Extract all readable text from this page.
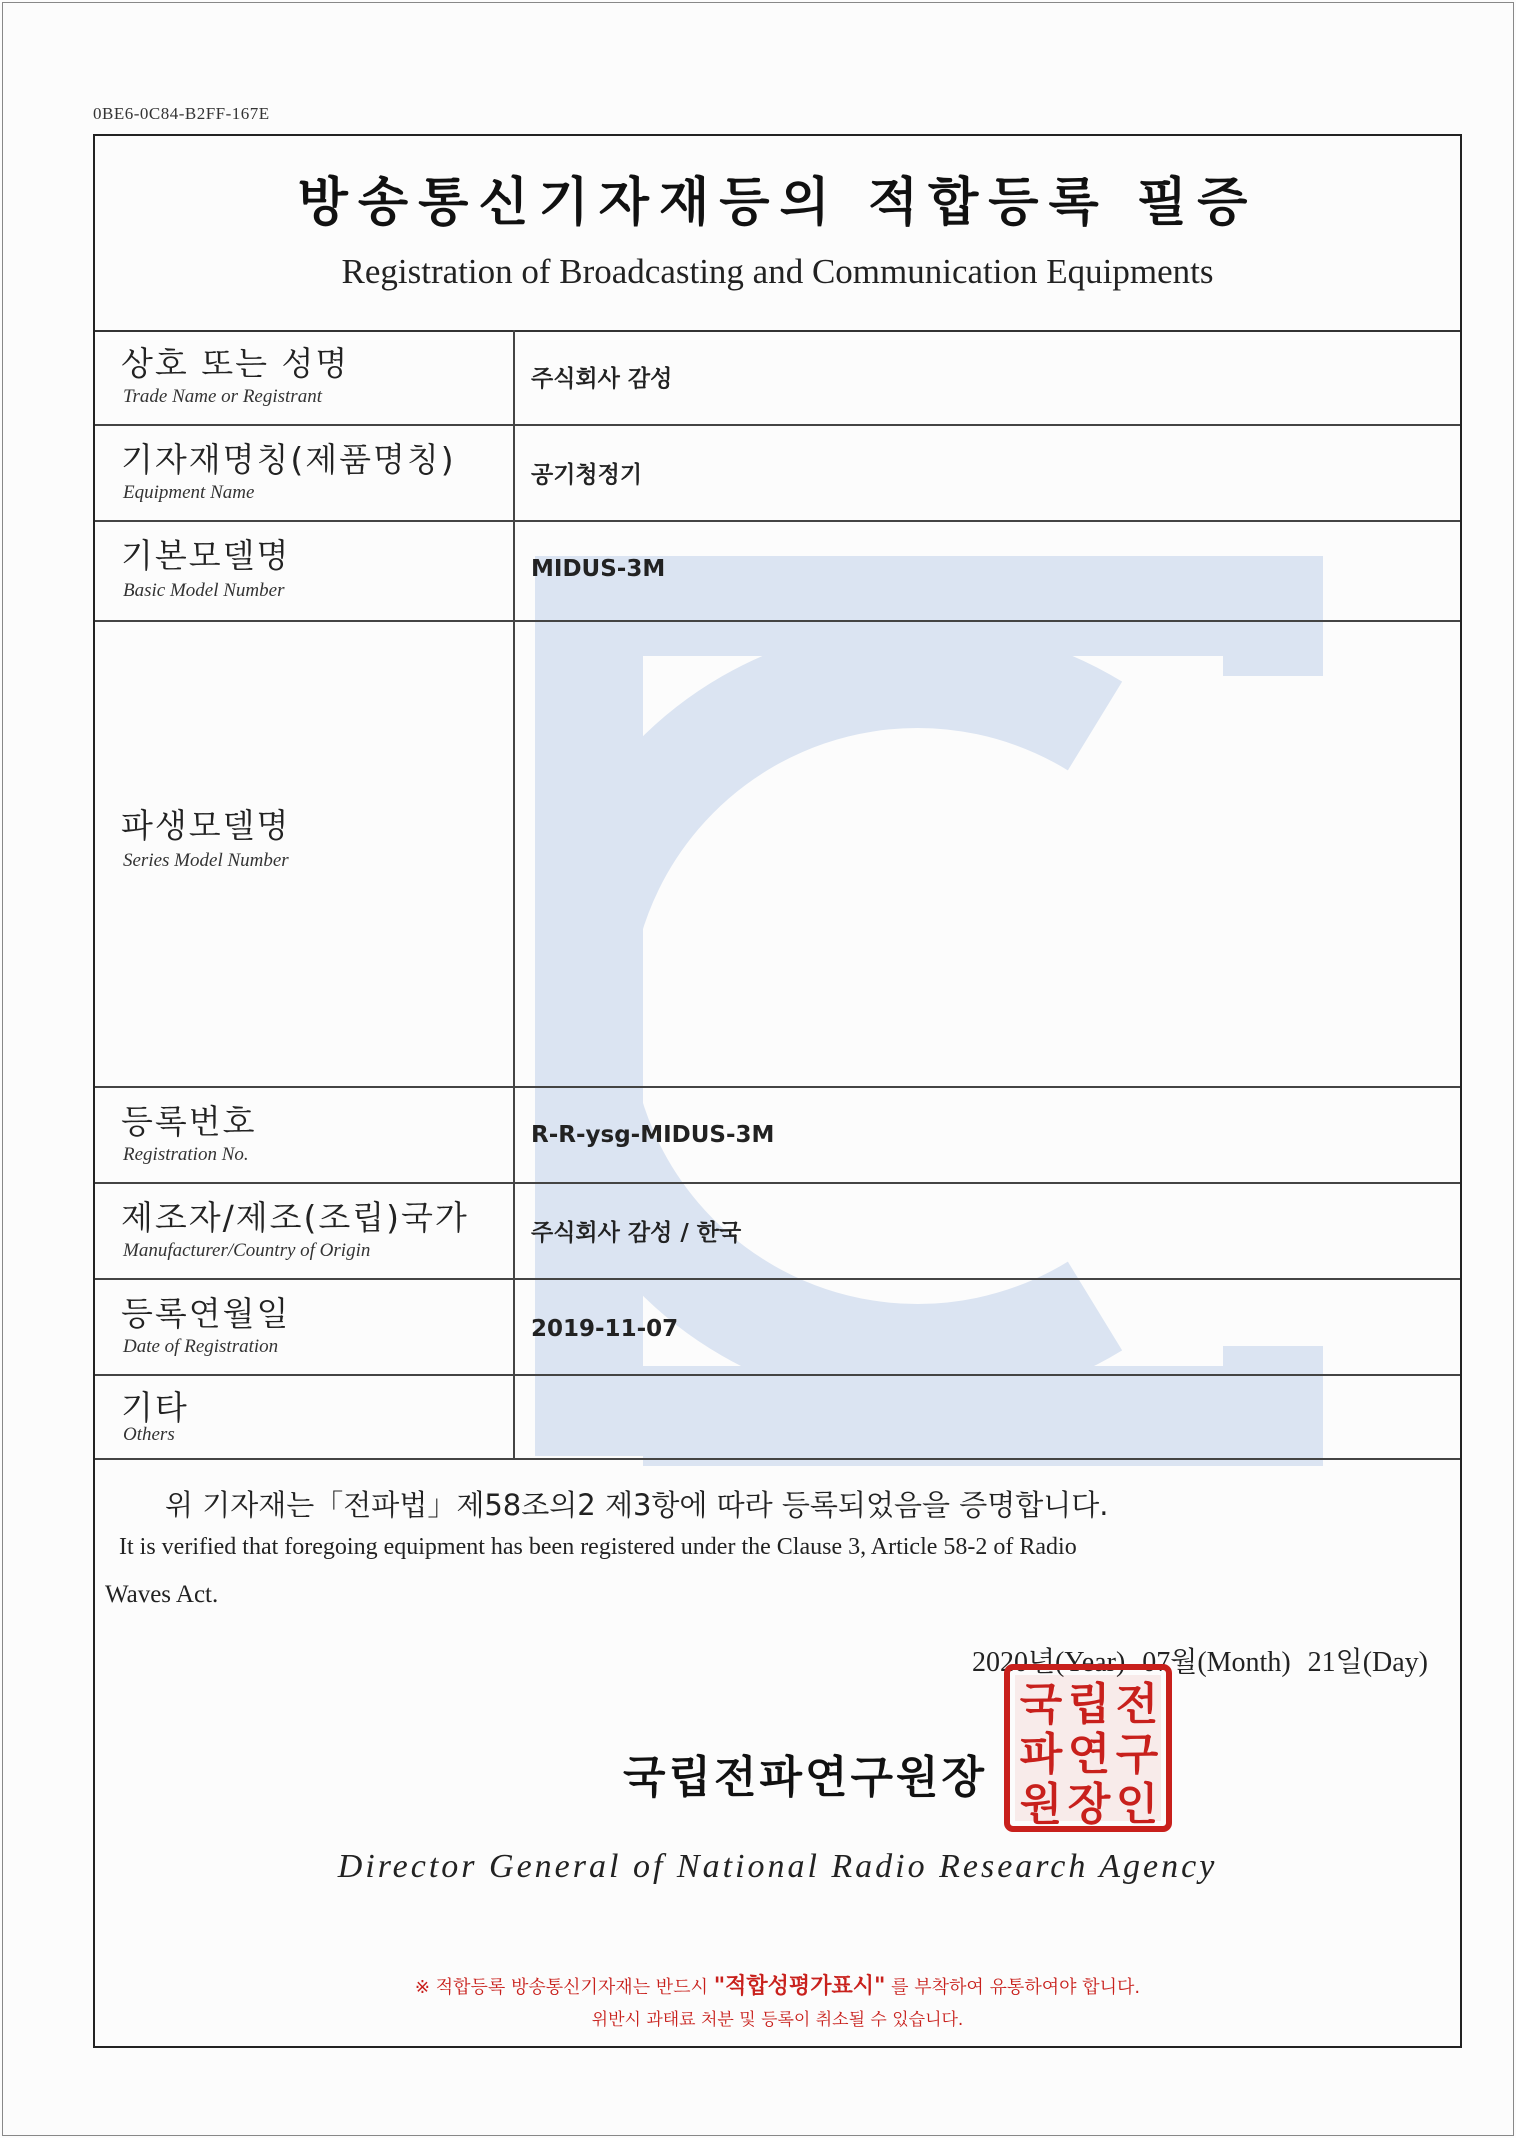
0BE6-0C84-B2FF-167E
방송통신기자재등의 적합등록 필증
Registration of Broadcasting and Communication Equipments
상호 또는 성명
Trade Name or Registrant
주식회사 감성
기자재명칭(제품명칭)
Equipment Name
공기청정기
기본모델명
Basic Model Number
MIDUS-3M
파생모델명
Series Model Number
등록번호
Registration No.
R-R-ysg-MIDUS-3M
제조자/제조(조립)국가
Manufacturer/Country of Origin
주식회사 감성 / 한국
등록연월일
Date of Registration
2019-11-07
기타
Others
위 기자재는「전파법」제58조의2 제3항에 따라 등록되었음을 증명합니다.
It is verified that foregoing equipment has been registered under the Clause 3, Article 58-2 of Radio
Waves Act.
2020년(Year) 07월(Month) 21일(Day)
국립전파연구원장
국 립 전
파 연 구
원 장 인
Director General of National Radio Research Agency
※ 적합등록 방송통신기자재는 반드시 "적합성평가표시" 를 부착하여 유통하여야 합니다.
위반시 과태료 처분 및 등록이 취소될 수 있습니다.
